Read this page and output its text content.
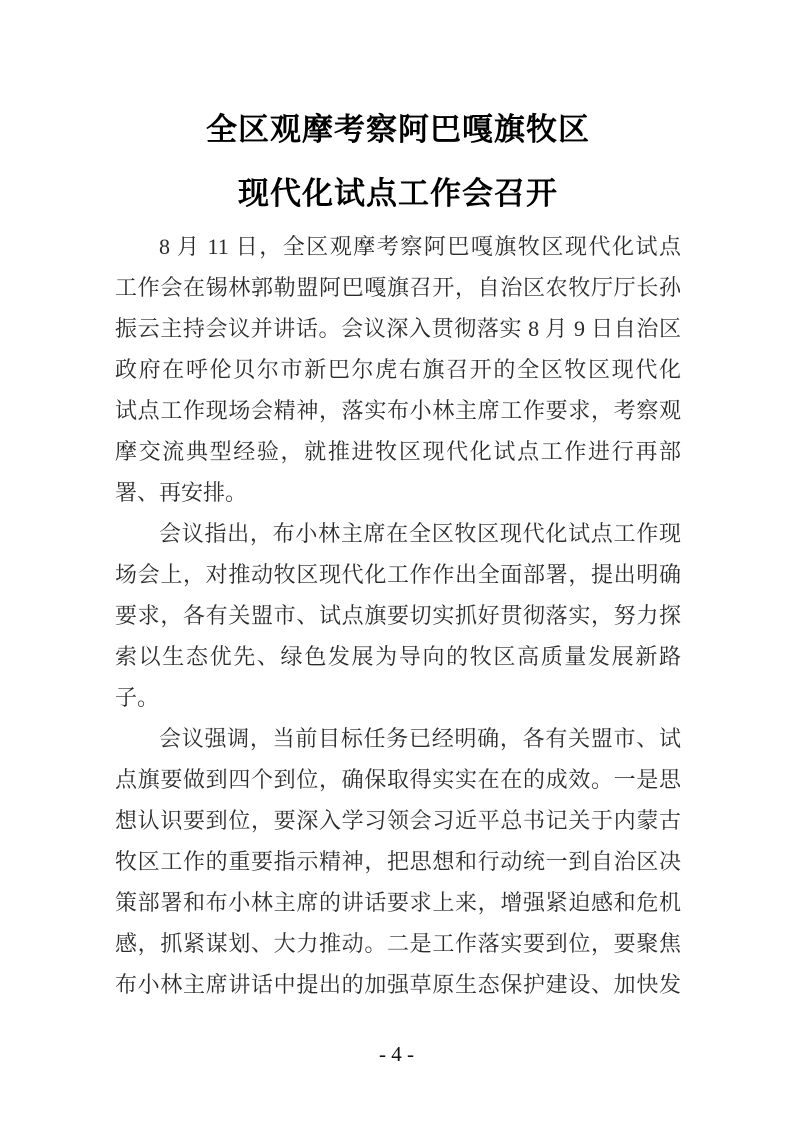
全区观摩考察阿巴嘎旗牧区
现代化试点工作会召开
8 月 11 日，全区观摩考察阿巴嘎旗牧区现代化试点
工作会在锡林郭勒盟阿巴嘎旗召开，自治区农牧厅厅长孙
振云主持会议并讲话。会议深入贯彻落实 8 月 9 日自治区
政府在呼伦贝尔市新巴尔虎右旗召开的全区牧区现代化
试点工作现场会精神，落实布小林主席工作要求，考察观
摩交流典型经验，就推进牧区现代化试点工作进行再部
署、再安排。
会议指出，布小林主席在全区牧区现代化试点工作现
场会上，对推动牧区现代化工作作出全面部署，提出明确
要求，各有关盟市、试点旗要切实抓好贯彻落实，努力探
索以生态优先、绿色发展为导向的牧区高质量发展新路
子。
会议强调，当前目标任务已经明确，各有关盟市、试
点旗要做到四个到位，确保取得实实在在的成效。一是思
想认识要到位，要深入学习领会习近平总书记关于内蒙古
牧区工作的重要指示精神，把思想和行动统一到自治区决
策部署和布小林主席的讲话要求上来，增强紧迫感和危机
感，抓紧谋划、大力推动。二是工作落实要到位，要聚焦
布小林主席讲话中提出的加强草原生态保护建设、加快发
- 4 -
